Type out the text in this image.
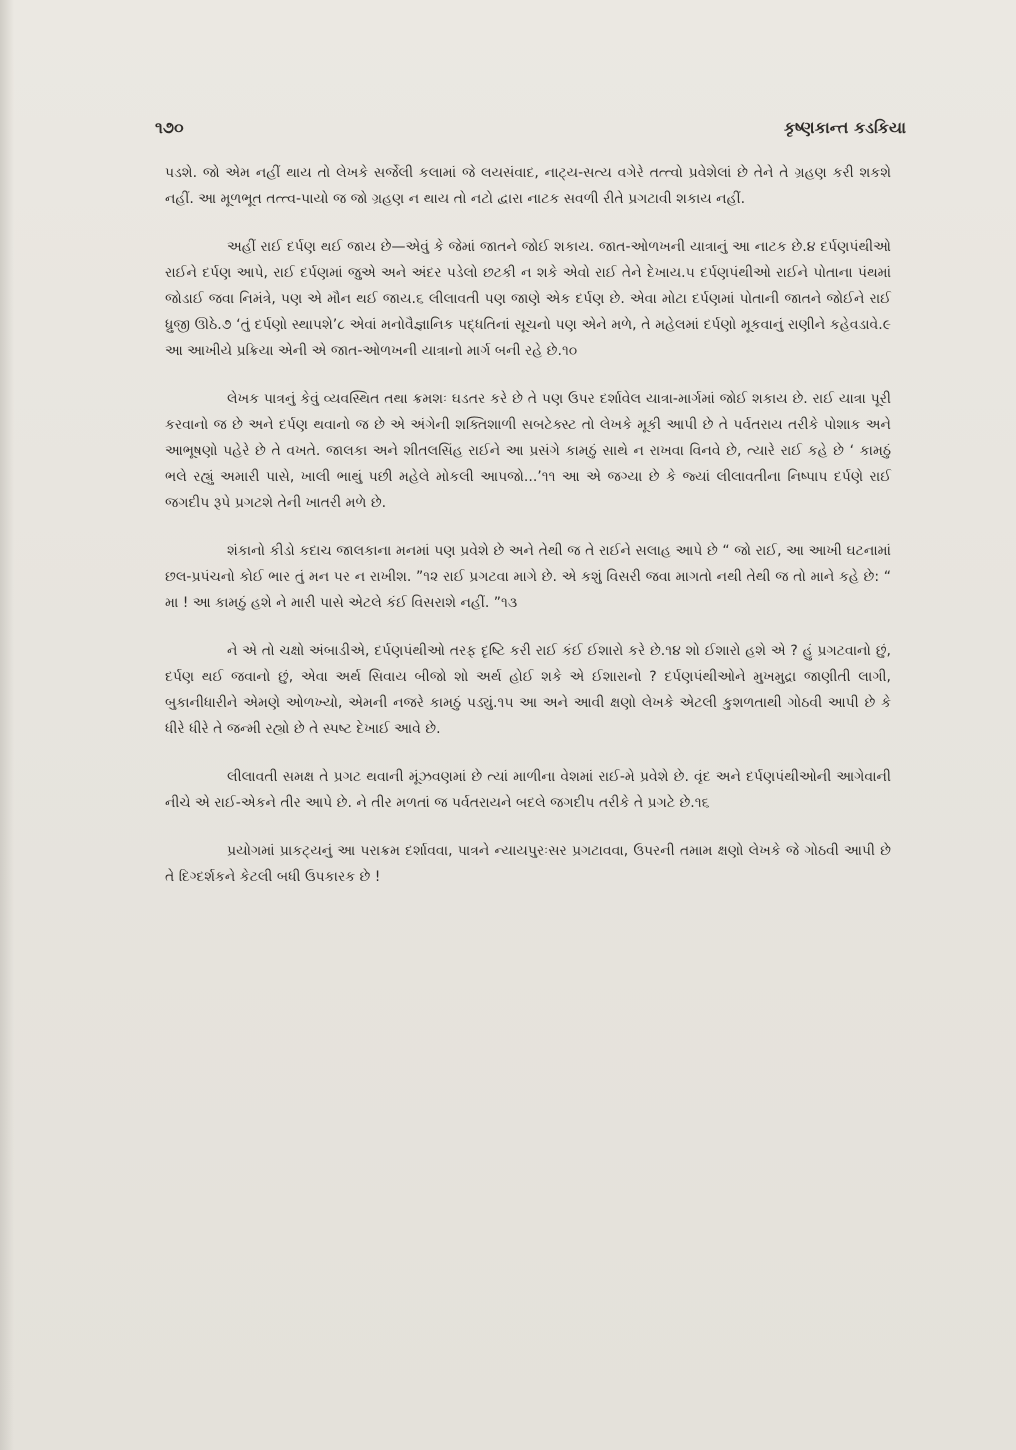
૧૭૦	કૃષ્ણકાન્ત કડકિયા

પડશે. જો એમ નહીં થાય તો લેખકે સર્જેલી કલામાં જે લયસંવાદ, નાટ્ય-સત્ય વગેરે તત્ત્વો પ્રવેશેલાં છે તેને તે ગ્રહણ કરી શકશે નહીં. આ મૂળભૂત તત્ત્વ-પાયો જ જો ગ્રહણ ન થાય તો નટો દ્વારા નાટક સવળી રીતે પ્રગટાવી શકાય નહીં.

અહીં રાઈ દર્પણ થઈ જાય છે—એવું કે જેમાં જાતને જોઈ શકાય. જાત-ઓળખની યાત્રાનું આ નાટક છે.૪ દર્પણપંથીઓ રાઈને દર્પણ આપે, રાઈ દર્પણમાં જુએ અને અંદર પડેલો છટકી ન શકે એવો રાઈ તેને દેખાય.૫ દર્પણપંથીઓ રાઈને પોતાના પંથમાં જોડાઈ જવા નિમંત્રે, પણ એ મૌન થઈ જાય.૬ લીલાવતી પણ જાણે એક દર્પણ છે. એવા મોટા દર્પણમાં પોતાની જાતને જોઈને રાઈ ધ્રુજી ઊઠે.૭ ‘તું દર્પણો સ્થાપશે’૮ એવાં મનોવૈજ્ઞાનિક પદ્ધતિનાં સૂચનો પણ એને મળે, તે મહેલમાં દર્પણો મૂકવાનું રાણીને કહેવડાવે.૯ આ આખીયે પ્રક્રિયા એની એ જાત-ઓળખની યાત્રાનો માર્ગ બની રહે છે.૧૦

લેખક પાત્રનું કેવું વ્યવસ્થિત તથા ક્રમશઃ ઘડતર કરે છે તે પણ ઉપર દર્શાવેલ યાત્રા-માર્ગમાં જોઈ શકાય છે. રાઈ યાત્રા પૂરી કરવાનો જ છે અને દર્પણ થવાનો જ છે એ અંગેની શક્તિશાળી સબટેક્સ્ટ તો લેખકે મૂકી આપી છે તે પર્વતરાય તરીકે પોશાક અને આભૂષણો પહેરે છે તે વખતે. જાલકા અને શીતલસિંહ રાઈને આ પ્રસંગે કામઠું સાથે ન રાખવા વિનવે છે, ત્યારે રાઈ કહે છે ‘ કામઠું ભલે રહ્યું અમારી પાસે, ખાલી ભાથું પછી મહેલે મોકલી આપજો...’૧૧ આ એ જગ્યા છે કે જ્યાં લીલાવતીના નિષ્પાપ દર્પણે રાઈ જગદીપ રૂપે પ્રગટશે તેની ખાતરી મળે છે.

શંકાનો કીડો કદાચ જાલકાના મનમાં પણ પ્રવેશે છે અને તેથી જ તે રાઈને સલાહ આપે છે “ જો રાઈ, આ આખી ઘટનામાં છલ-પ્રપંચનો કોઈ ભાર તું મન પર ન રાખીશ. ”૧૨ રાઈ પ્રગટવા માગે છે. એ કશું વિસરી જવા માગતો નથી તેથી જ તો માને કહે છે: “ મા ! આ કામઠું હશે ને મારી પાસે એટલે કંઈ વિસરાશે નહીં. ”૧૩

ને એ તો ચક્ષો અંબાડીએ, દર્પણપંથીઓ તરફ દૃષ્ટિ કરી રાઈ કંઈ ઈશારો કરે છે.૧૪ શો ઈશારો હશે એ ? હું પ્રગટવાનો છું, દર્પણ થઈ જવાનો છું, એવા અર્થ સિવાય બીજો શો અર્થ હોઈ શકે એ ઈશારાનો ? દર્પણપંથીઓને મુખમુદ્રા જાણીતી લાગી, બુકાનીધારીને એમણે ઓળખ્યો, એમની નજરે કામઠું પડ્યું.૧૫ આ અને આવી ક્ષણો લેખકે એટલી કુશળતાથી ગોઠવી આપી છે કે ધીરે ધીરે તે જન્મી રહ્યો છે તે સ્પષ્ટ દેખાઈ આવે છે.

લીલાવતી સમક્ષ તે પ્રગટ થવાની મૂંઝવણમાં છે ત્યાં માળીના વેશમાં રાઈ-મે પ્રવેશે છે. વૃંદ અને દર્પણપંથીઓની આગેવાની નીચે એ રાઈ-એકને તીર આપે છે. ને તીર મળતાં જ પર્વતરાયને બદલે જગદીપ તરીકે તે પ્રગટે છે.૧૬

પ્રયોગમાં પ્રાકટ્યનું આ પરાક્રમ દર્શાવવા, પાત્રને ન્યાયપુરઃસર પ્રગટાવવા, ઉપરની તમામ ક્ષણો લેખકે જે ગોઠવી આપી છે તે દિગ્દર્શકને કેટલી બધી ઉપકારક છે !
